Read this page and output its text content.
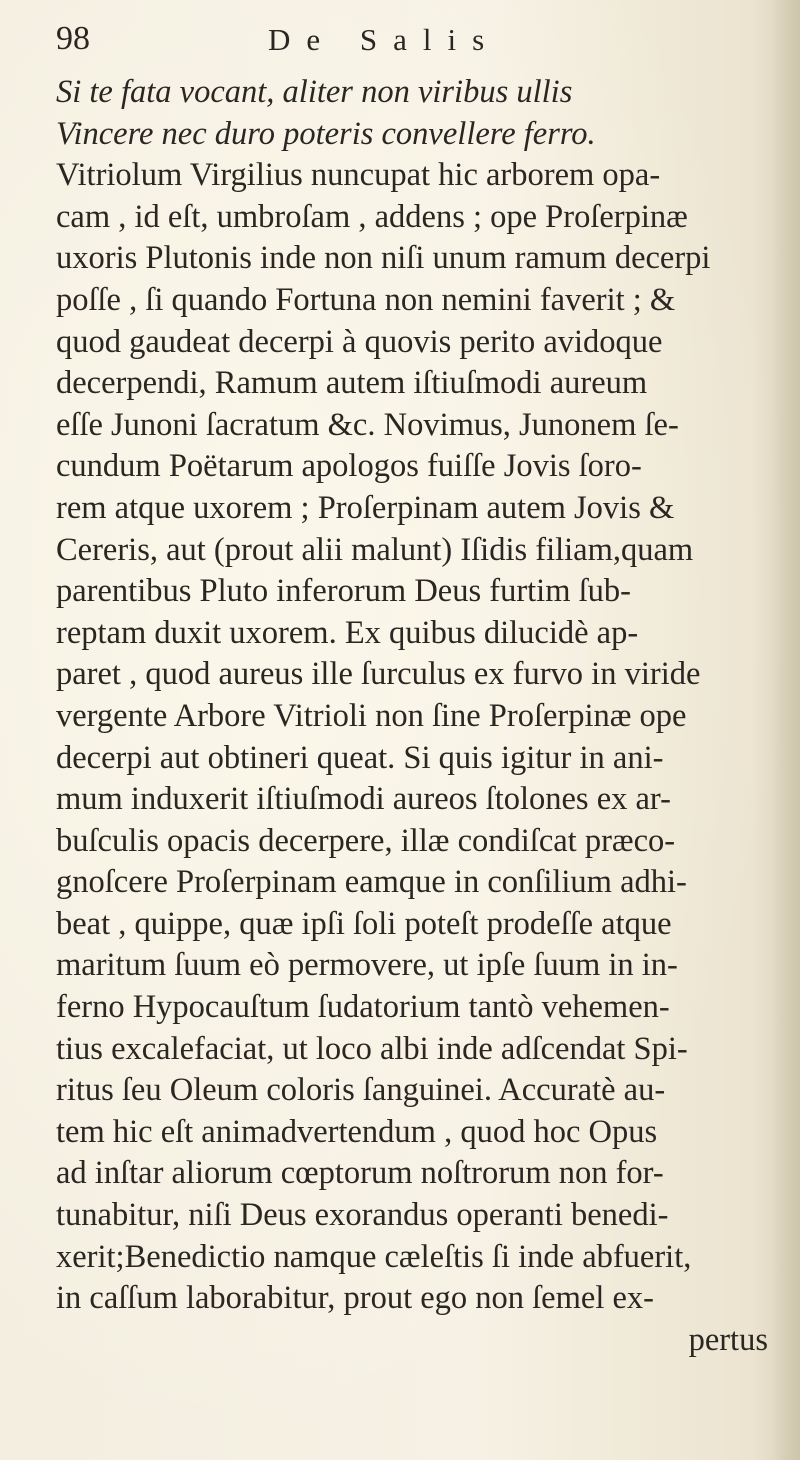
98	De Salis
Si te fata vocant, aliter non viribus ullis
Vincere nec duro poteris convellere ferro.
Vitriolum Virgilius nuncupat hic arborem opa-
cam , id eſt, umbroſam , addens ; ope Proſerpinæ
uxoris Plutonis inde non niſi unum ramum decerpi
poſſe , ſi quando Fortuna non nemini faverit ; &
quod gaudeat decerpi à quovis perito avidoque
decerpendi, Ramum autem iſtiuſmodi aureum
eſſe Junoni ſacratum &c. Novimus, Junonem ſe-
cundum Poëtarum apologos fuiſſe Jovis ſoro-
rem atque uxorem ; Proſerpinam autem Jovis &
Cereris, aut (prout alii malunt) Iſidis filiam,quam
parentibus Pluto inferorum Deus furtim ſub-
reptam duxit uxorem. Ex quibus dilucidè ap-
paret , quod aureus ille ſurculus ex furvo in viride
vergente Arbore Vitrioli non ſine Proſerpinæ ope
decerpi aut obtineri queat. Si quis igitur in ani-
mum induxerit iſtiuſmodi aureos ſtolones ex ar-
buſculis opacis decerpere, illæ condiſcat præco-
gnoſcere Proſerpinam eamque in conſilium adhi-
beat , quippe, quæ ipſi ſoli poteſt prodeſſe atque
maritum ſuum eò permovere, ut ipſe ſuum in in-
ferno Hypocauſtum ſudatorium tantò vehemen-
tius excalefaciat, ut loco albi inde adſcendat Spi-
ritus ſeu Oleum coloris ſanguinei. Accuratè au-
tem hic eſt animadvertendum , quod hoc Opus
ad inſtar aliorum cœptorum noſtrorum non for-
tunabitur, niſi Deus exorandus operanti benedi-
xerit;Benedictio namque cæleſtis ſi inde abfuerit,
in caſſum laborabitur, prout ego non ſemel ex-
pertus
